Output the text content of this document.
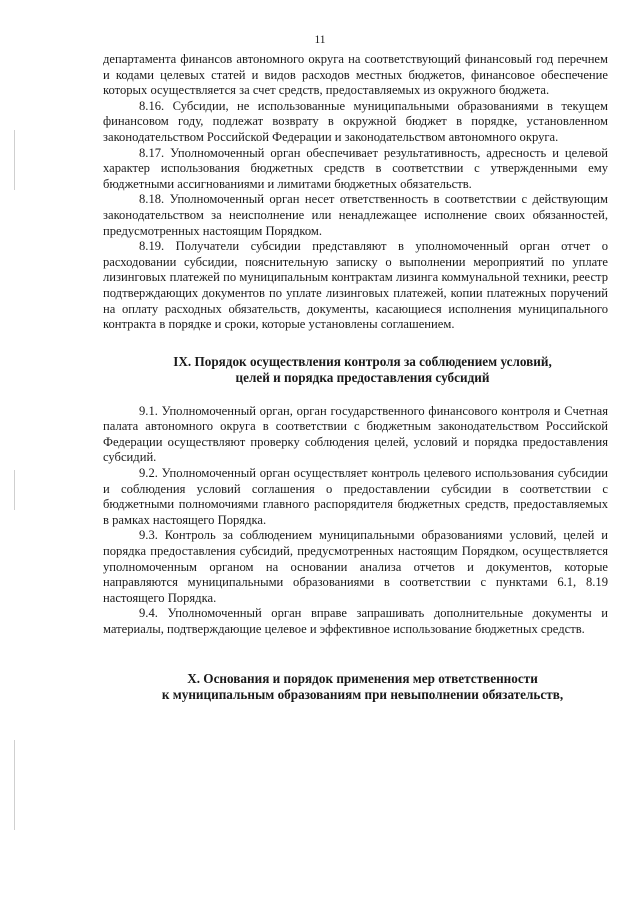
11

департамента финансов автономного округа на соответствующий финансовый год перечнем и кодами целевых статей и видов расходов местных бюджетов, финансовое обеспечение которых осуществляется за счет средств, предоставляемых из окружного бюджета.

8.16. Субсидии, не использованные муниципальными образованиями в текущем финансовом году, подлежат возврату в окружной бюджет в порядке, установленном законодательством Российской Федерации и законодательством автономного округа.

8.17. Уполномоченный орган обеспечивает результативность, адресность и целевой характер использования бюджетных средств в соответствии с утвержденными ему бюджетными ассигнованиями и лимитами бюджетных обязательств.

8.18. Уполномоченный орган несет ответственность в соответствии с действующим законодательством за неисполнение или ненадлежащее исполнение своих обязанностей, предусмотренных настоящим Порядком.

8.19. Получатели субсидии представляют в уполномоченный орган отчет о расходовании субсидии, пояснительную записку о выполнении мероприятий по уплате лизинговых платежей по муниципальным контрактам лизинга коммунальной техники, реестр подтверждающих документов по уплате лизинговых платежей, копии платежных поручений на оплату расходных обязательств, документы, касающиеся исполнения муниципального контракта в порядке и сроки, которые установлены соглашением.

IX. Порядок осуществления контроля за соблюдением условий,
целей и порядка предоставления субсидий

9.1. Уполномоченный орган, орган государственного финансового контроля и Счетная палата автономного округа в соответствии с бюджетным законодательством Российской Федерации осуществляют проверку соблюдения целей, условий и порядка предоставления субсидий.

9.2. Уполномоченный орган осуществляет контроль целевого использования субсидии и соблюдения условий соглашения о предоставлении субсидии в соответствии с бюджетными полномочиями главного распорядителя бюджетных средств, предоставляемых в рамках настоящего Порядка.

9.3. Контроль за соблюдением муниципальными образованиями условий, целей и порядка предоставления субсидий, предусмотренных настоящим Порядком, осуществляется уполномоченным органом на основании анализа отчетов и документов, которые направляются муниципальными образованиями в соответствии с пунктами 6.1, 8.19 настоящего Порядка.

9.4. Уполномоченный орган вправе запрашивать дополнительные документы и материалы, подтверждающие целевое и эффективное использование бюджетных средств.

X. Основания и порядок применения мер ответственности
к муниципальным образованиям при невыполнении обязательств,
